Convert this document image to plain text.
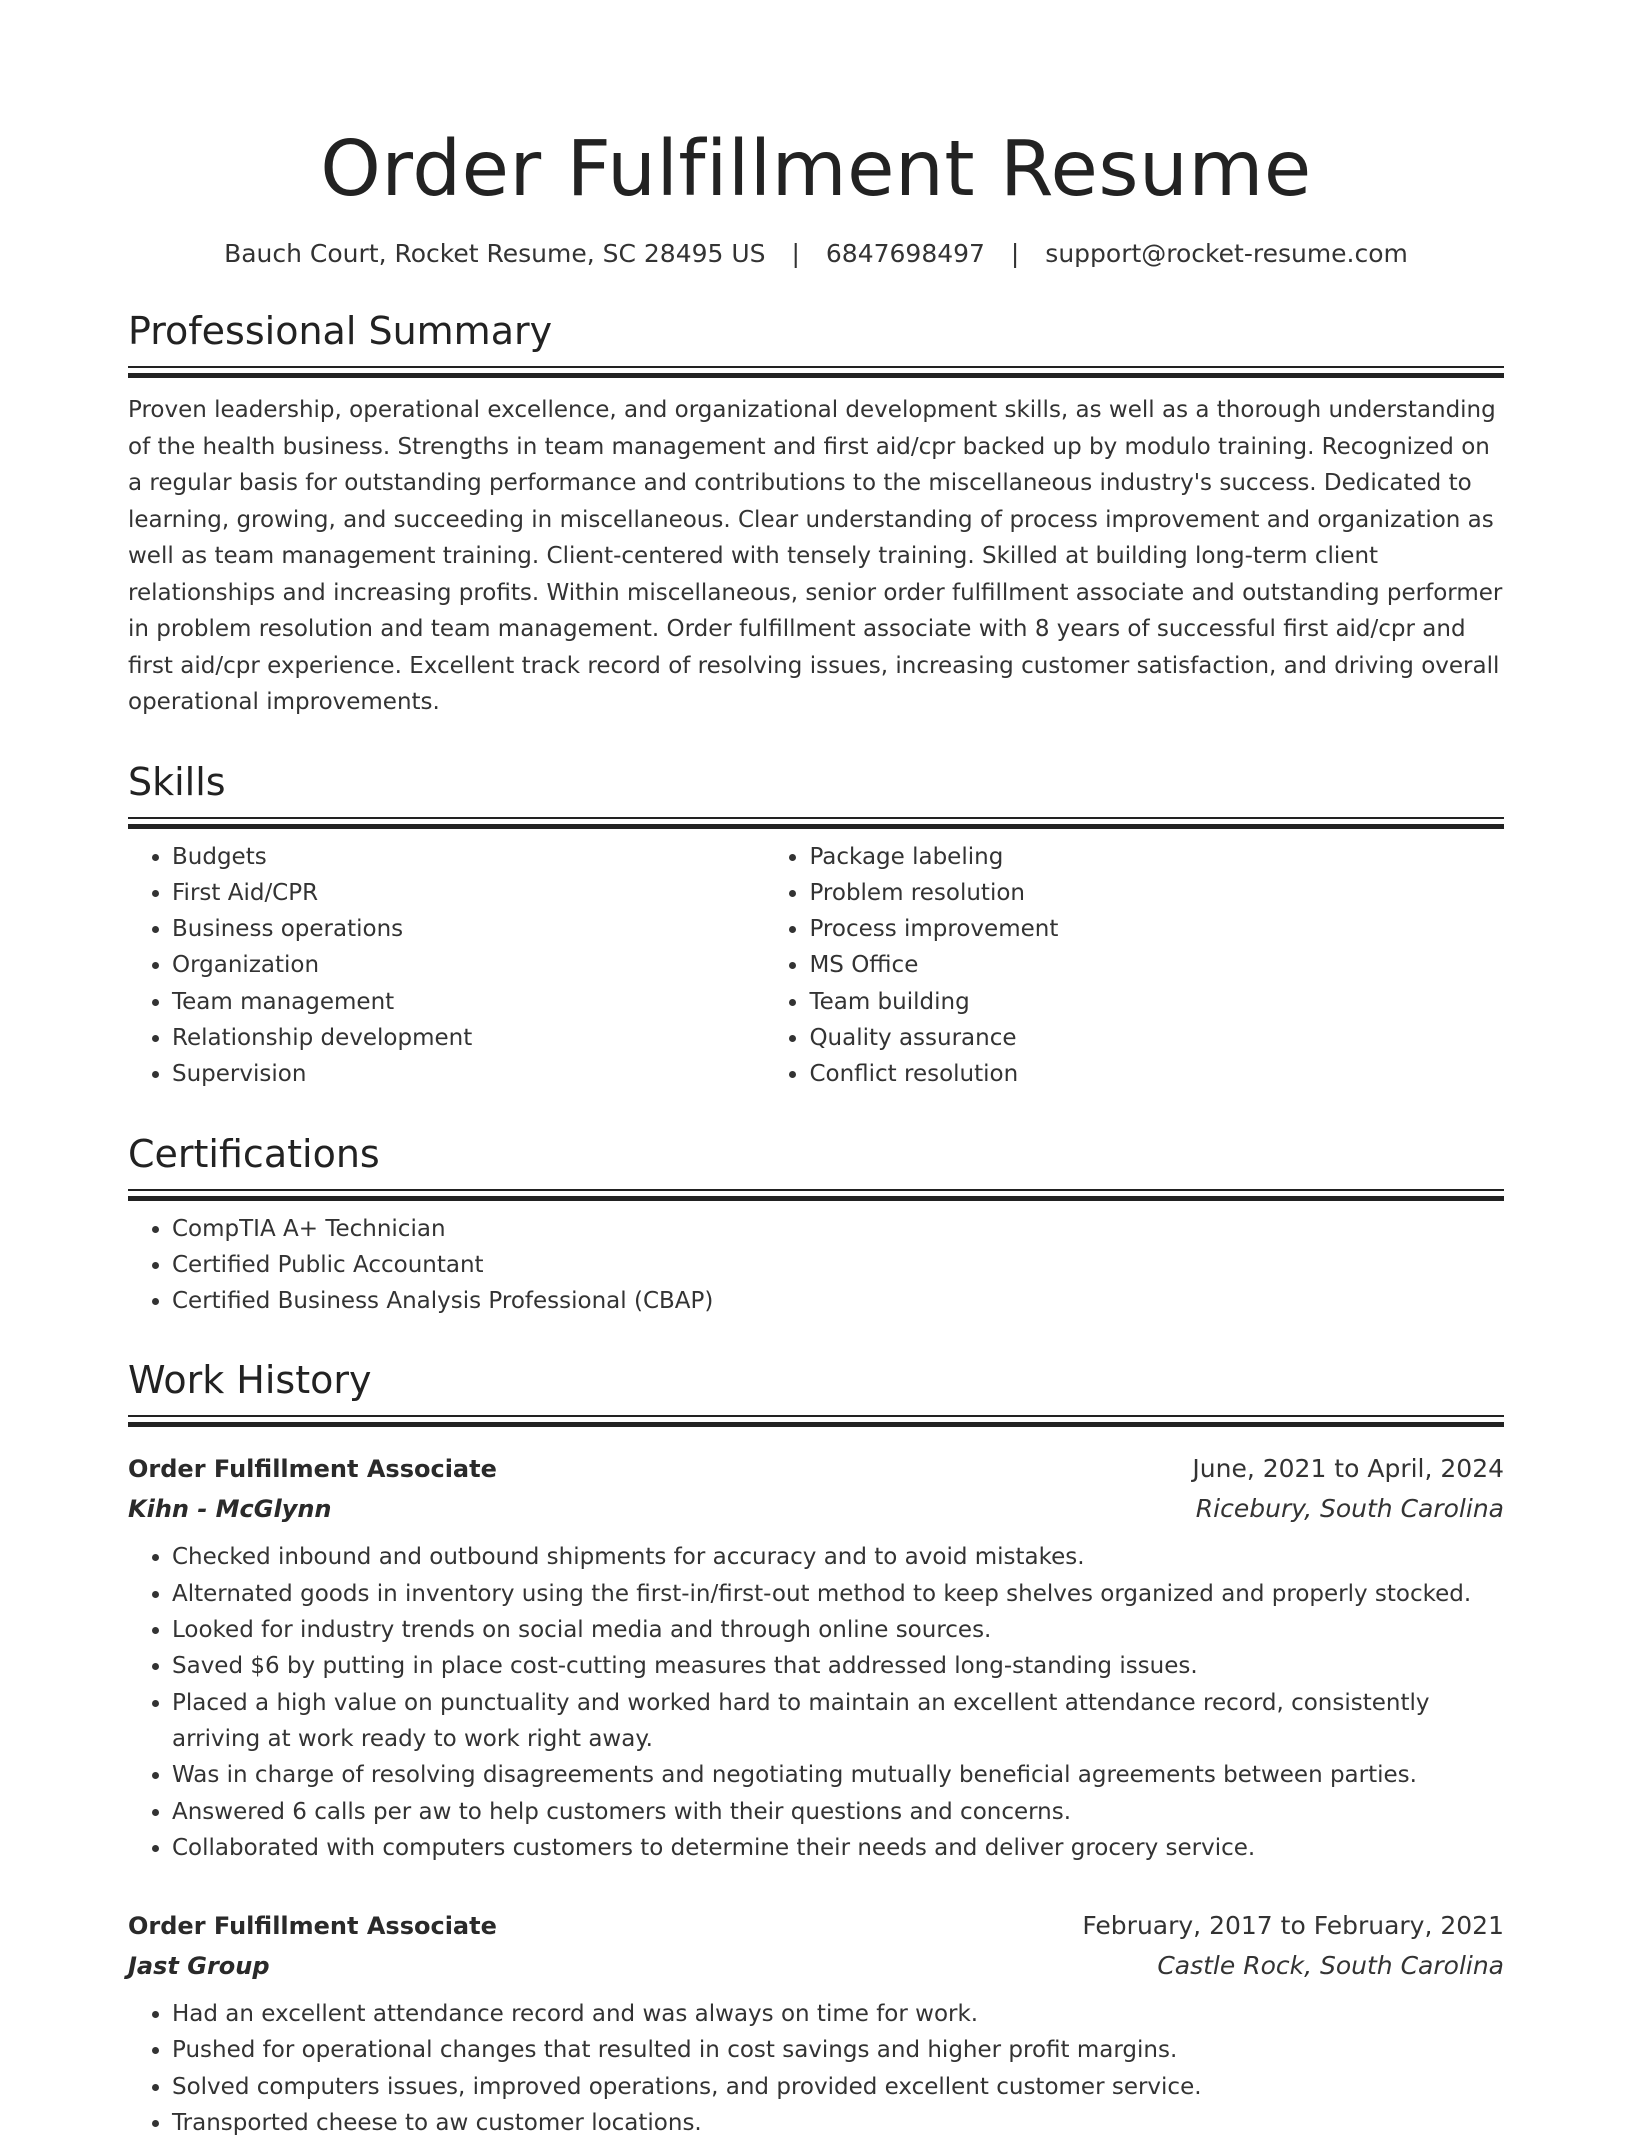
Order Fulfillment Resume
Bauch Court, Rocket Resume, SC 28495 US | 6847698497 | support@rocket-resume.com
Professional Summary
Proven leadership, operational excellence, and organizational development skills, as well as a thorough understanding of the health business. Strengths in team management and first aid/cpr backed up by modulo training. Recognized on a regular basis for outstanding performance and contributions to the miscellaneous industry's success. Dedicated to learning, growing, and succeeding in miscellaneous. Clear understanding of process improvement and organization as well as team management training. Client-centered with tensely training. Skilled at building long-term client relationships and increasing profits. Within miscellaneous, senior order fulfillment associate and outstanding performer in problem resolution and team management. Order fulfillment associate with 8 years of successful first aid/cpr and first aid/cpr experience. Excellent track record of resolving issues, increasing customer satisfaction, and driving overall operational improvements.
Skills
• Budgets
• First Aid/CPR
• Business operations
• Organization
• Team management
• Relationship development
• Supervision
• Package labeling
• Problem resolution
• Process improvement
• MS Office
• Team building
• Quality assurance
• Conflict resolution
Certifications
• CompTIA A+ Technician
• Certified Public Accountant
• Certified Business Analysis Professional (CBAP)
Work History
Order Fulfillment Associate	June, 2021 to April, 2024
Kihn - McGlynn	Ricebury, South Carolina
• Checked inbound and outbound shipments for accuracy and to avoid mistakes.
• Alternated goods in inventory using the first-in/first-out method to keep shelves organized and properly stocked.
• Looked for industry trends on social media and through online sources.
• Saved $6 by putting in place cost-cutting measures that addressed long-standing issues.
• Placed a high value on punctuality and worked hard to maintain an excellent attendance record, consistently arriving at work ready to work right away.
• Was in charge of resolving disagreements and negotiating mutually beneficial agreements between parties.
• Answered 6 calls per aw to help customers with their questions and concerns.
• Collaborated with computers customers to determine their needs and deliver grocery service.
Order Fulfillment Associate	February, 2017 to February, 2021
Jast Group	Castle Rock, South Carolina
• Had an excellent attendance record and was always on time for work.
• Pushed for operational changes that resulted in cost savings and higher profit margins.
• Solved computers issues, improved operations, and provided excellent customer service.
• Transported cheese to aw customer locations.
